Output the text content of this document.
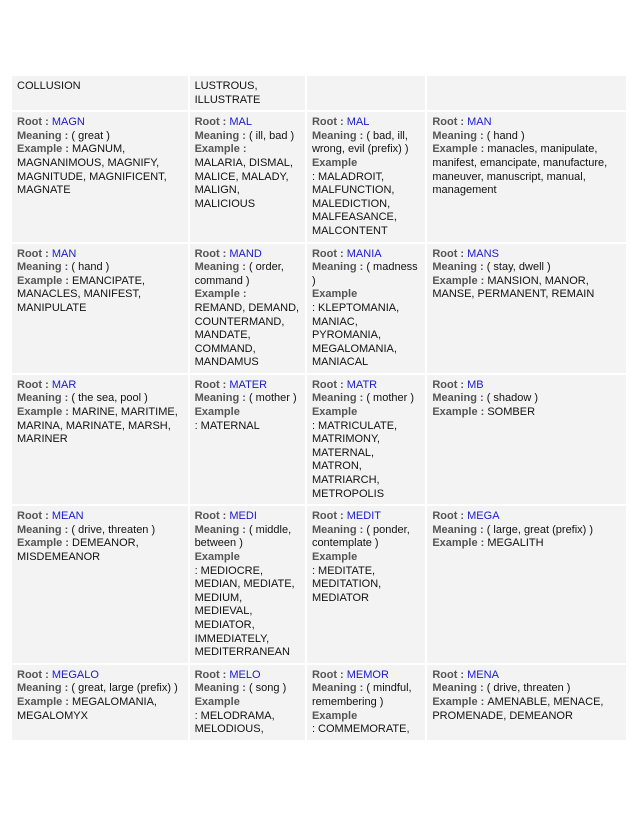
COLLUSION	LUSTROUS, ILLUSTRATE		
Root : MAGN
Meaning : ( great )
Example : MAGNUM, MAGNANIMOUS, MAGNIFY, MAGNITUDE, MAGNIFICENT, MAGNATE	Root : MAL
Meaning : ( ill, bad )
Example : MALARIA, DISMAL, MALICE, MALADY, MALIGN, MALICIOUS	Root : MAL
Meaning : ( bad, ill, wrong, evil (prefix) )
Example
: MALADROIT, MALFUNCTION, MALEDICTION, MALFEASANCE, MALCONTENT	Root : MAN
Meaning : ( hand )
Example : manacles, manipulate, manifest, emancipate, manufacture, maneuver, manuscript, manual, management
Root : MAN
Meaning : ( hand )
Example : EMANCIPATE, MANACLES, MANIFEST, MANIPULATE	Root : MAND
Meaning : ( order, command )
Example : REMAND, DEMAND, COUNTERMAND, MANDATE, COMMAND, MANDAMUS	Root : MANIA
Meaning : ( madness )
Example
: KLEPTOMANIA, MANIAC, PYROMANIA, MEGALOMANIA, MANIACAL	Root : MANS
Meaning : ( stay, dwell )
Example : MANSION, MANOR, MANSE, PERMANENT, REMAIN
Root : MAR
Meaning : ( the sea, pool )
Example : MARINE, MARITIME, MARINA, MARINATE, MARSH, MARINER	Root : MATER
Meaning : ( mother )
Example
: MATERNAL	Root : MATR
Meaning : ( mother )
Example
: MATRICULATE, MATRIMONY, MATERNAL, MATRON, MATRIARCH, METROPOLIS	Root : MB
Meaning : ( shadow )
Example : SOMBER
Root : MEAN
Meaning : ( drive, threaten )
Example : DEMEANOR, MISDEMEANOR	Root : MEDI
Meaning : ( middle, between )
Example
: MEDIOCRE, MEDIAN, MEDIATE, MEDIUM, MEDIEVAL, MEDIATOR, IMMEDIATELY, MEDITERRANEAN	Root : MEDIT
Meaning : ( ponder, contemplate )
Example
: MEDITATE, MEDITATION, MEDIATOR	Root : MEGA
Meaning : ( large, great (prefix) )
Example : MEGALITH
Root : MEGALO
Meaning : ( great, large (prefix) )
Example : MEGALOMANIA, MEGALOMYX	Root : MELO
Meaning : ( song )
Example
: MELODRAMA, MELODIOUS,	Root : MEMOR
Meaning : ( mindful, remembering )
Example
: COMMEMORATE,	Root : MENA
Meaning : ( drive, threaten )
Example : AMENABLE, MENACE, PROMENADE, DEMEANOR
